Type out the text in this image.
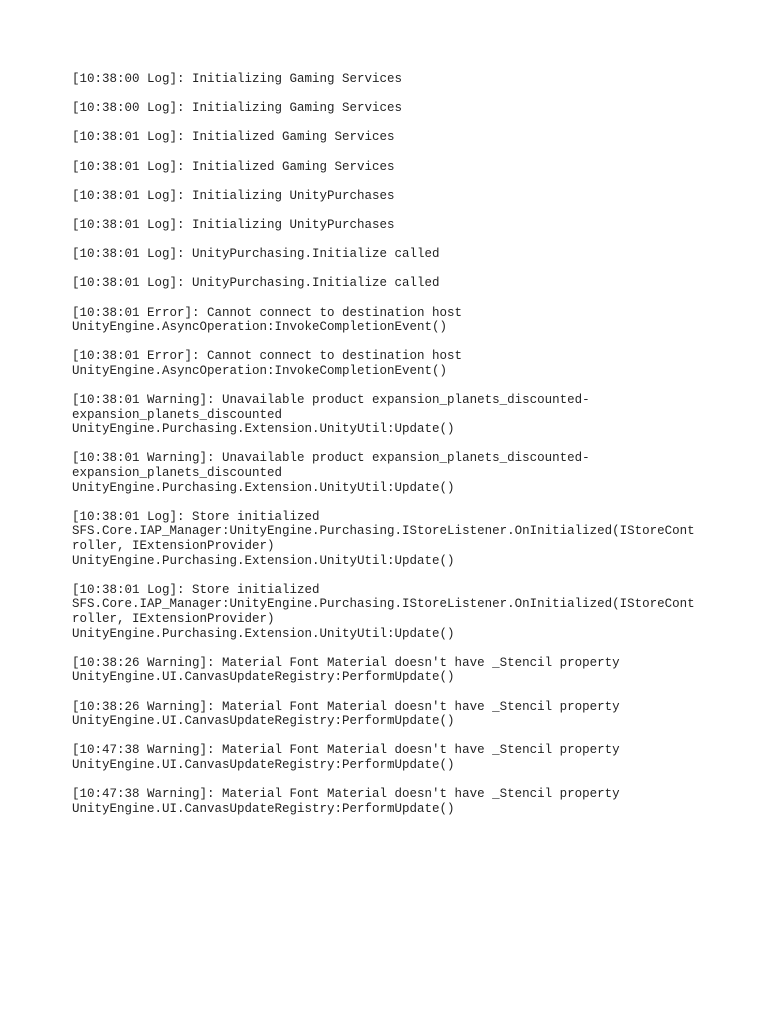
[10:38:00 Log]: Initializing Gaming Services
[10:38:00 Log]: Initializing Gaming Services
[10:38:01 Log]: Initialized Gaming Services
[10:38:01 Log]: Initialized Gaming Services
[10:38:01 Log]: Initializing UnityPurchases
[10:38:01 Log]: Initializing UnityPurchases
[10:38:01 Log]: UnityPurchasing.Initialize called
[10:38:01 Log]: UnityPurchasing.Initialize called
[10:38:01 Error]: Cannot connect to destination host
UnityEngine.AsyncOperation:InvokeCompletionEvent()
[10:38:01 Error]: Cannot connect to destination host
UnityEngine.AsyncOperation:InvokeCompletionEvent()
[10:38:01 Warning]: Unavailable product expansion_planets_discounted-
expansion_planets_discounted
UnityEngine.Purchasing.Extension.UnityUtil:Update()
[10:38:01 Warning]: Unavailable product expansion_planets_discounted-
expansion_planets_discounted
UnityEngine.Purchasing.Extension.UnityUtil:Update()
[10:38:01 Log]: Store initialized
SFS.Core.IAP_Manager:UnityEngine.Purchasing.IStoreListener.OnInitialized(IStoreCont
roller, IExtensionProvider)
UnityEngine.Purchasing.Extension.UnityUtil:Update()
[10:38:01 Log]: Store initialized
SFS.Core.IAP_Manager:UnityEngine.Purchasing.IStoreListener.OnInitialized(IStoreCont
roller, IExtensionProvider)
UnityEngine.Purchasing.Extension.UnityUtil:Update()
[10:38:26 Warning]: Material Font Material doesn't have _Stencil property
UnityEngine.UI.CanvasUpdateRegistry:PerformUpdate()
[10:38:26 Warning]: Material Font Material doesn't have _Stencil property
UnityEngine.UI.CanvasUpdateRegistry:PerformUpdate()
[10:47:38 Warning]: Material Font Material doesn't have _Stencil property
UnityEngine.UI.CanvasUpdateRegistry:PerformUpdate()
[10:47:38 Warning]: Material Font Material doesn't have _Stencil property
UnityEngine.UI.CanvasUpdateRegistry:PerformUpdate()
